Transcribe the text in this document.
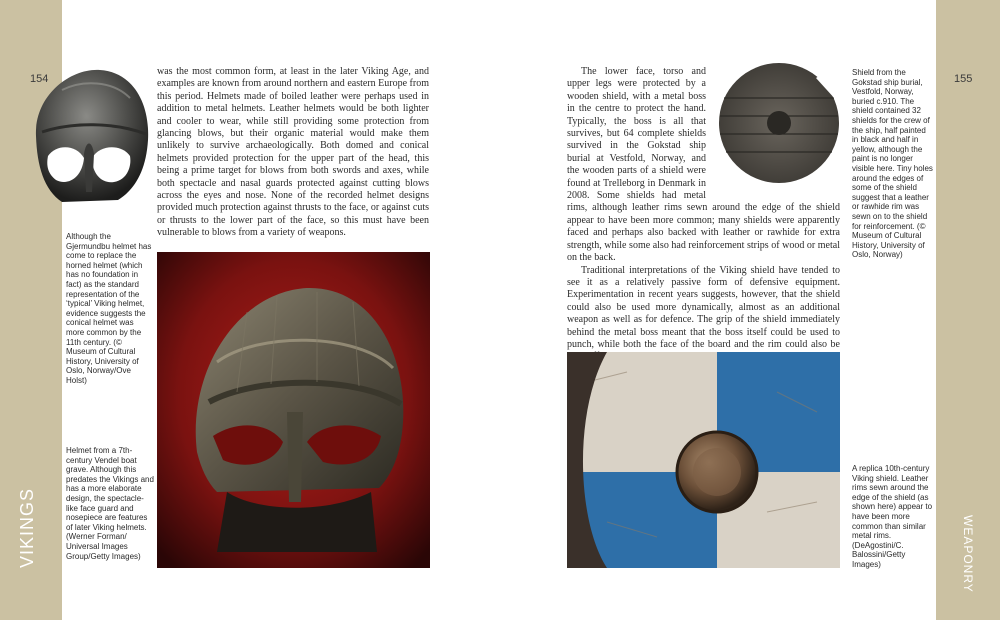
154	155
VIKINGS	WEAPONRY
Although the Gjermundbu helmet has come to replace the horned helmet (which has no foundation in fact) as the standard representation of the ‘typical’ Viking helmet, evidence suggests the conical helmet was more common by the 11th century. (© Museum of Cultural History, University of Oslo, Norway/Ove Holst)
Helmet from a 7th-century Vendel boat grave. Although this predates the Vikings and has a more elaborate design, the spectacle-like face guard and nosepiece are features of later Viking helmets. (Werner Forman/ Universal Images Group/Getty Images)

was the most common form, at least in the later Viking Age, and examples are known from around northern and eastern Europe from this period. Helmets made of boiled leather were perhaps used in addition to metal helmets. Leather helmets would be both lighter and cooler to wear, while still providing some protection from glancing blows, but their organic material would make them unlikely to survive archaeologically. Both domed and conical helmets provided protection for the upper part of the head, this being a prime target for blows from both swords and axes, while both spectacle and nasal guards protected against cutting blows across the eyes and nose. None of the recorded helmet designs provided much protection against thrusts to the face, or against cuts or thrusts to the lower part of the face, so this must have been vulnerable to blows from a variety of weapons.

The lower face, torso and upper legs were protected by a wooden shield, with a metal boss in the centre to protect the hand. Typically, the boss is all that survives, but 64 complete shields survived in the Gokstad ship burial at Vestfold, Norway, and the wooden parts of a shield were found at Trelleborg in Denmark in 2008. Some shields had metal rims, although leather rims sewn around the edge of the shield appear to have been more common; many shields were apparently faced and perhaps also backed with leather or rawhide for extra strength, while some also had reinforcement strips of wood or metal on the back.

Traditional interpretations of the Viking shield have tended to see it as a relatively passive form of defensive equipment. Experimentation in recent years suggests, however, that the shield could also be used more dynamically, almost as an additional weapon as well as for defence. The grip of the shield immediately behind the metal boss meant that the boss itself could be used to punch, while both the face of the board and the rim could also be

Shield from the Gokstad ship burial, Vestfold, Norway, buried c.910. The shield contained 32 shields for the crew of the ship, half painted in black and half in yellow, although the paint is no longer visible here. Tiny holes around the edges of some of the shield suggest that a leather or rawhide rim was sewn on to the shield for reinforcement. (© Museum of Cultural History, University of Oslo, Norway)
A replica 10th-century Viking shield. Leather rims sewn around the edge of the shield (as shown here) appear to have been more common than similar metal rims. (DeAgostini/C. Balossini/Getty Images)
